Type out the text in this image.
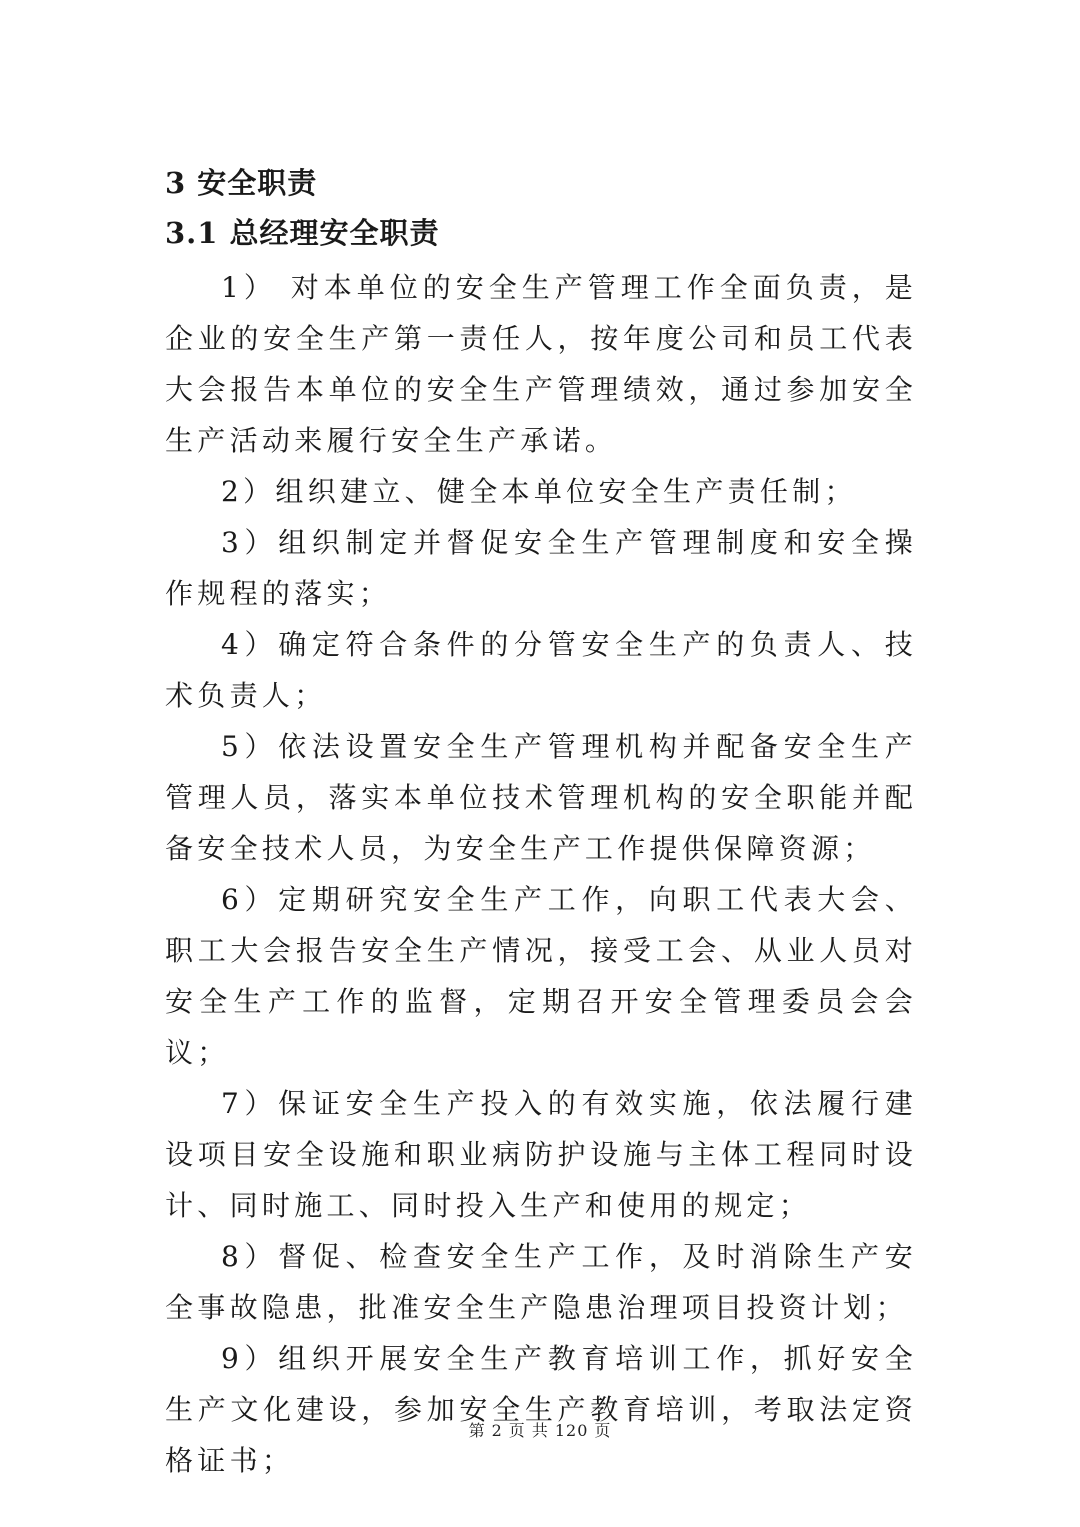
3 安全职责
3.1 总经理安全职责

1） 对本单位的安全生产管理工作全面负责，是企业的安全生产第一责任人，按年度公司和员工代表大会报告本单位的安全生产管理绩效，通过参加安全生产活动来履行安全生产承诺。

2）组织建立、健全本单位安全生产责任制；

3）组织制定并督促安全生产管理制度和安全操作规程的落实；

4）确定符合条件的分管安全生产的负责人、技术负责人；

5）依法设置安全生产管理机构并配备安全生产管理人员，落实本单位技术管理机构的安全职能并配备安全技术人员，为安全生产工作提供保障资源；

6）定期研究安全生产工作，向职工代表大会、职工大会报告安全生产情况，接受工会、从业人员对安全生产工作的监督，定期召开安全管理委员会会议；

7）保证安全生产投入的有效实施，依法履行建设项目安全设施和职业病防护设施与主体工程同时设计、同时施工、同时投入生产和使用的规定；

8）督促、检查安全生产工作，及时消除生产安全事故隐患，批准安全生产隐患治理项目投资计划；

9）组织开展安全生产教育培训工作，抓好安全生产文化建设，参加安全生产教育培训，考取法定资格证书；

第 2 页 共 120 页
